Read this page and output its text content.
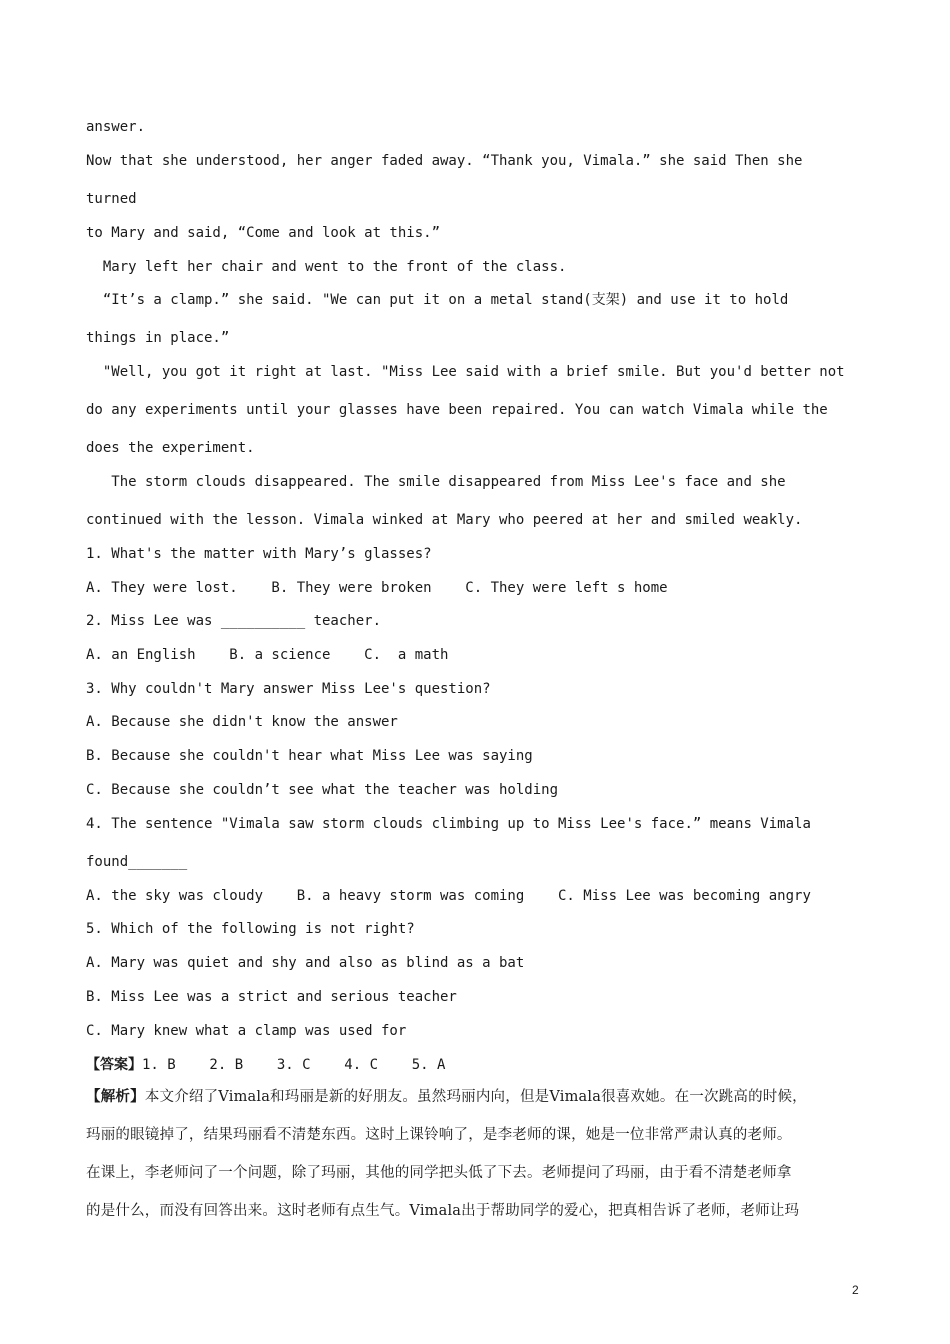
answer.
Now that she understood, her anger faded away. “Thank you, Vimala.” she said Then she
turned
to Mary and said, “Come and look at this.”
Mary left her chair and went to the front of the class.
“It’s a clamp.” she said. "We can put it on a metal stand(支架) and use it to hold
things in place.”
"Well, you got it right at last. "Miss Lee said with a brief smile. But you'd better not
do any experiments until your glasses have been repaired. You can watch Vimala while the
does the experiment.
The storm clouds disappeared. The smile disappeared from Miss Lee's face and she
continued with the lesson. Vimala winked at Mary who peered at her and smiled weakly.
1. What's the matter with Mary’s glasses?
A. They were lost.    B. They were broken    C. They were left s home
2. Miss Lee was __________ teacher.
A. an English    B. a science    C.  a math
3. Why couldn't Mary answer Miss Lee's question?
A. Because she didn't know the answer
B. Because she couldn't hear what Miss Lee was saying
C. Because she couldn’t see what the teacher was holding
4. The sentence "Vimala saw storm clouds climbing up to Miss Lee's face.” means Vimala
found_______
A. the sky was cloudy    B. a heavy storm was coming    C. Miss Lee was becoming angry
5. Which of the following is not right?
A. Mary was quiet and shy and also as blind as a bat
B. Miss Lee was a strict and serious teacher
C. Mary knew what a clamp was used for
【答案】1. B    2. B    3. C    4. C    5. A
【解析】本文介绍了Vimala和玛丽是新的好朋友。虽然玛丽内向，但是Vimala很喜欢她。在一次跳高的时候，
玛丽的眼镜掉了，结果玛丽看不清楚东西。这时上课铃响了，是李老师的课，她是一位非常严肃认真的老师。
在课上，李老师问了一个问题，除了玛丽，其他的同学把头低了下去。老师提问了玛丽，由于看不清楚老师拿
的是什么，而没有回答出来。这时老师有点生气。Vimala出于帮助同学的爱心，把真相告诉了老师，老师让玛
2
